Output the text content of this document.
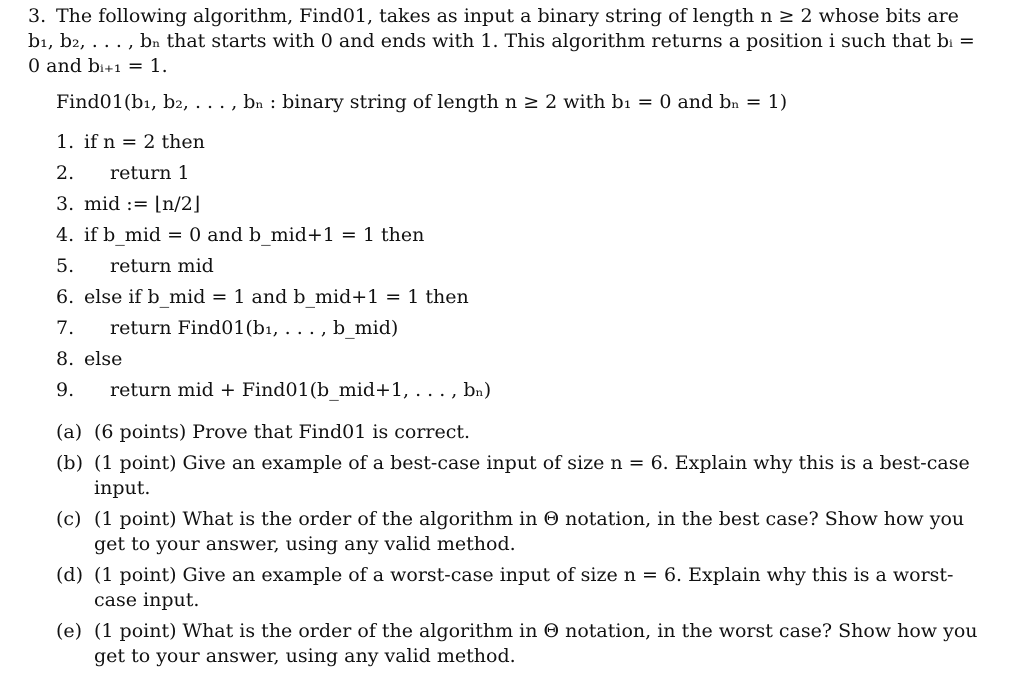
3. The following algorithm, Find01, takes as input a binary string of length n ≥ 2 whose bits are b₁, b₂, . . . , bₙ that starts with 0 and ends with 1. This algorithm returns a position i such that bᵢ = 0 and bᵢ₊₁ = 1.

Find01(b₁, b₂, . . . , bₙ : binary string of length n ≥ 2 with b₁ = 0 and bₙ = 1)
1. if n = 2 then
2. return 1
3. mid := ⌊n/2⌋
4. if b_mid = 0 and b_mid+1 = 1 then
5. return mid
6. else if b_mid = 1 and b_mid+1 = 1 then
7. return Find01(b₁, . . . , b_mid)
8. else
9. return mid + Find01(b_mid+1, . . . , bₙ)
(a) (6 points) Prove that Find01 is correct.
(b) (1 point) Give an example of a best-case input of size n = 6. Explain why this is a best-case input.
(c) (1 point) What is the order of the algorithm in Θ notation, in the best case? Show how you get to your answer, using any valid method.
(d) (1 point) Give an example of a worst-case input of size n = 6. Explain why this is a worst-case input.
(e) (1 point) What is the order of the algorithm in Θ notation, in the worst case? Show how you get to your answer, using any valid method.
